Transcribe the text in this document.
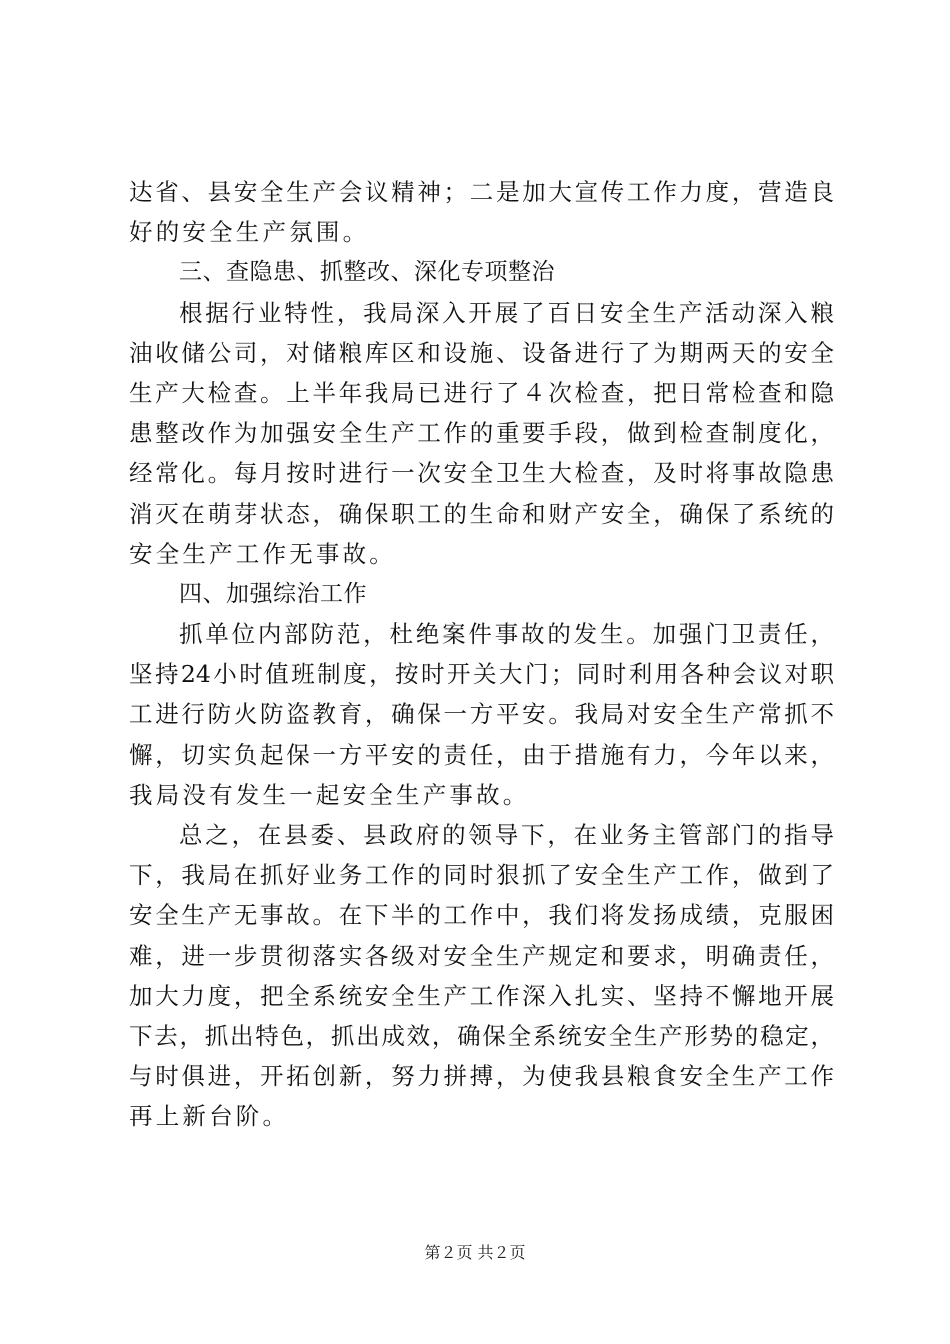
达省、县安全生产会议精神；二是加大宣传工作力度，营造良
好的安全生产氛围。
三、查隐患、抓整改、深化专项整治
根据行业特性，我局深入开展了百日安全生产活动深入粮
油收储公司，对储粮库区和设施、设备进行了为期两天的安全
生产大检查。上半年我局已进行了４次检查，把日常检查和隐
患整改作为加强安全生产工作的重要手段，做到检查制度化，
经常化。每月按时进行一次安全卫生大检查，及时将事故隐患
消灭在萌芽状态，确保职工的生命和财产安全，确保了系统的
安全生产工作无事故。
四、加强综治工作
抓单位内部防范，杜绝案件事故的发生。加强门卫责任，
坚持24小时值班制度，按时开关大门；同时利用各种会议对职
工进行防火防盗教育，确保一方平安。我局对安全生产常抓不
懈，切实负起保一方平安的责任，由于措施有力，今年以来，
我局没有发生一起安全生产事故。
总之，在县委、县政府的领导下，在业务主管部门的指导
下，我局在抓好业务工作的同时狠抓了安全生产工作，做到了
安全生产无事故。在下半的工作中，我们将发扬成绩，克服困
难，进一步贯彻落实各级对安全生产规定和要求，明确责任，
加大力度，把全系统安全生产工作深入扎实、坚持不懈地开展
下去，抓出特色，抓出成效，确保全系统安全生产形势的稳定，
与时俱进，开拓创新，努力拼搏，为使我县粮食安全生产工作
再上新台阶。
第２页 共２页
